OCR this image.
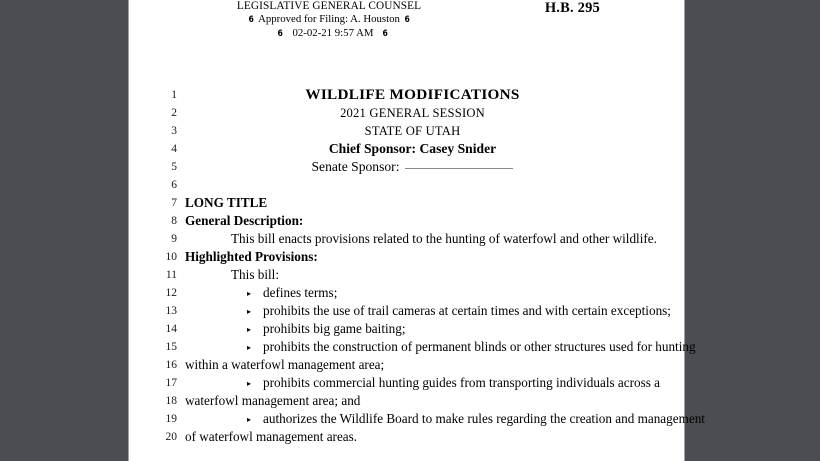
LEGISLATIVE GENERAL COUNSEL
6 Approved for Filing: A. Houston 6
6 02-02-21 9:57 AM 6
H.B. 295
1	WILDLIFE MODIFICATIONS
2	2021 GENERAL SESSION
3	STATE OF UTAH
4	Chief Sponsor: Casey Snider
5	Senate Sponsor:
6
7 LONG TITLE
8 General Description:
9	This bill enacts provisions related to the hunting of waterfowl and other wildlife.
10 Highlighted Provisions:
11	This bill:
12	▸ defines terms;
13	▸ prohibits the use of trail cameras at certain times and with certain exceptions;
14	▸ prohibits big game baiting;
15	▸ prohibits the construction of permanent blinds or other structures used for hunting
16 within a waterfowl management area;
17	▸ prohibits commercial hunting guides from transporting individuals across a
18 waterfowl management area; and
19	▸ authorizes the Wildlife Board to make rules regarding the creation and management
20 of waterfowl management areas.
